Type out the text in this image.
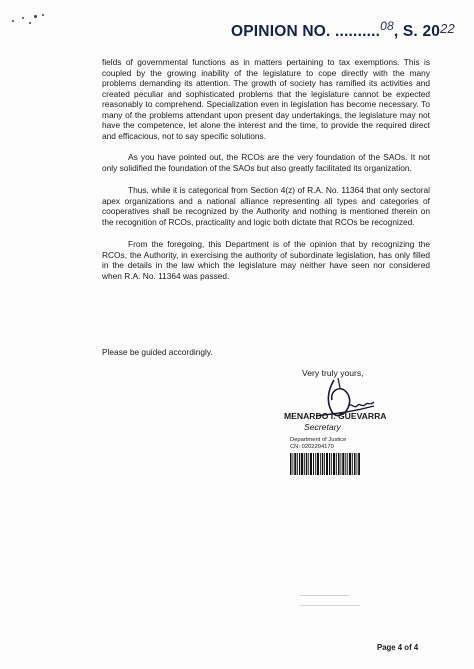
OPINION NO. ..........$^{08}$, S. 2022

fields of governmental functions as in matters pertaining to tax exemptions. This is coupled by the growing inability of the legislature to cope directly with the many problems demanding its attention. The growth of society has ramified its activities and created peculiar and sophisticated problems that the legislature cannot be expected reasonably to comprehend. Specialization even in legislation has become necessary. To many of the problems attendant upon present day undertakings, the legislature may not have the competence, let alone the interest and the time, to provide the required direct and efficacious, not to say specific solutions.

As you have pointed out, the RCOs are the very foundation of the SAOs. It not only solidified the foundation of the SAOs but also greatly facilitated its organization.

Thus, while it is categorical from Section 4(z) of R.A. No. 11364 that only sectoral apex organizations and a national alliance representing all types and categories of cooperatives shall be recognized by the Authority and nothing is mentioned therein on the recognition of RCOs, practicality and logic both dictate that RCOs be recognized.

From the foregoing, this Department is of the opinion that by recognizing the RCOs, the Authority, in exercising the authority of subordinate legislation, has only filled in the details in the law which the legislature may neither have seen nor considered when R.A. No. 11364 was passed.

Please be guided accordingly.
Very truly yours,
MENARDO I. GUEVARRA
Secretary
Department of Justice
CN: 0202204170
Page 4 of 4
